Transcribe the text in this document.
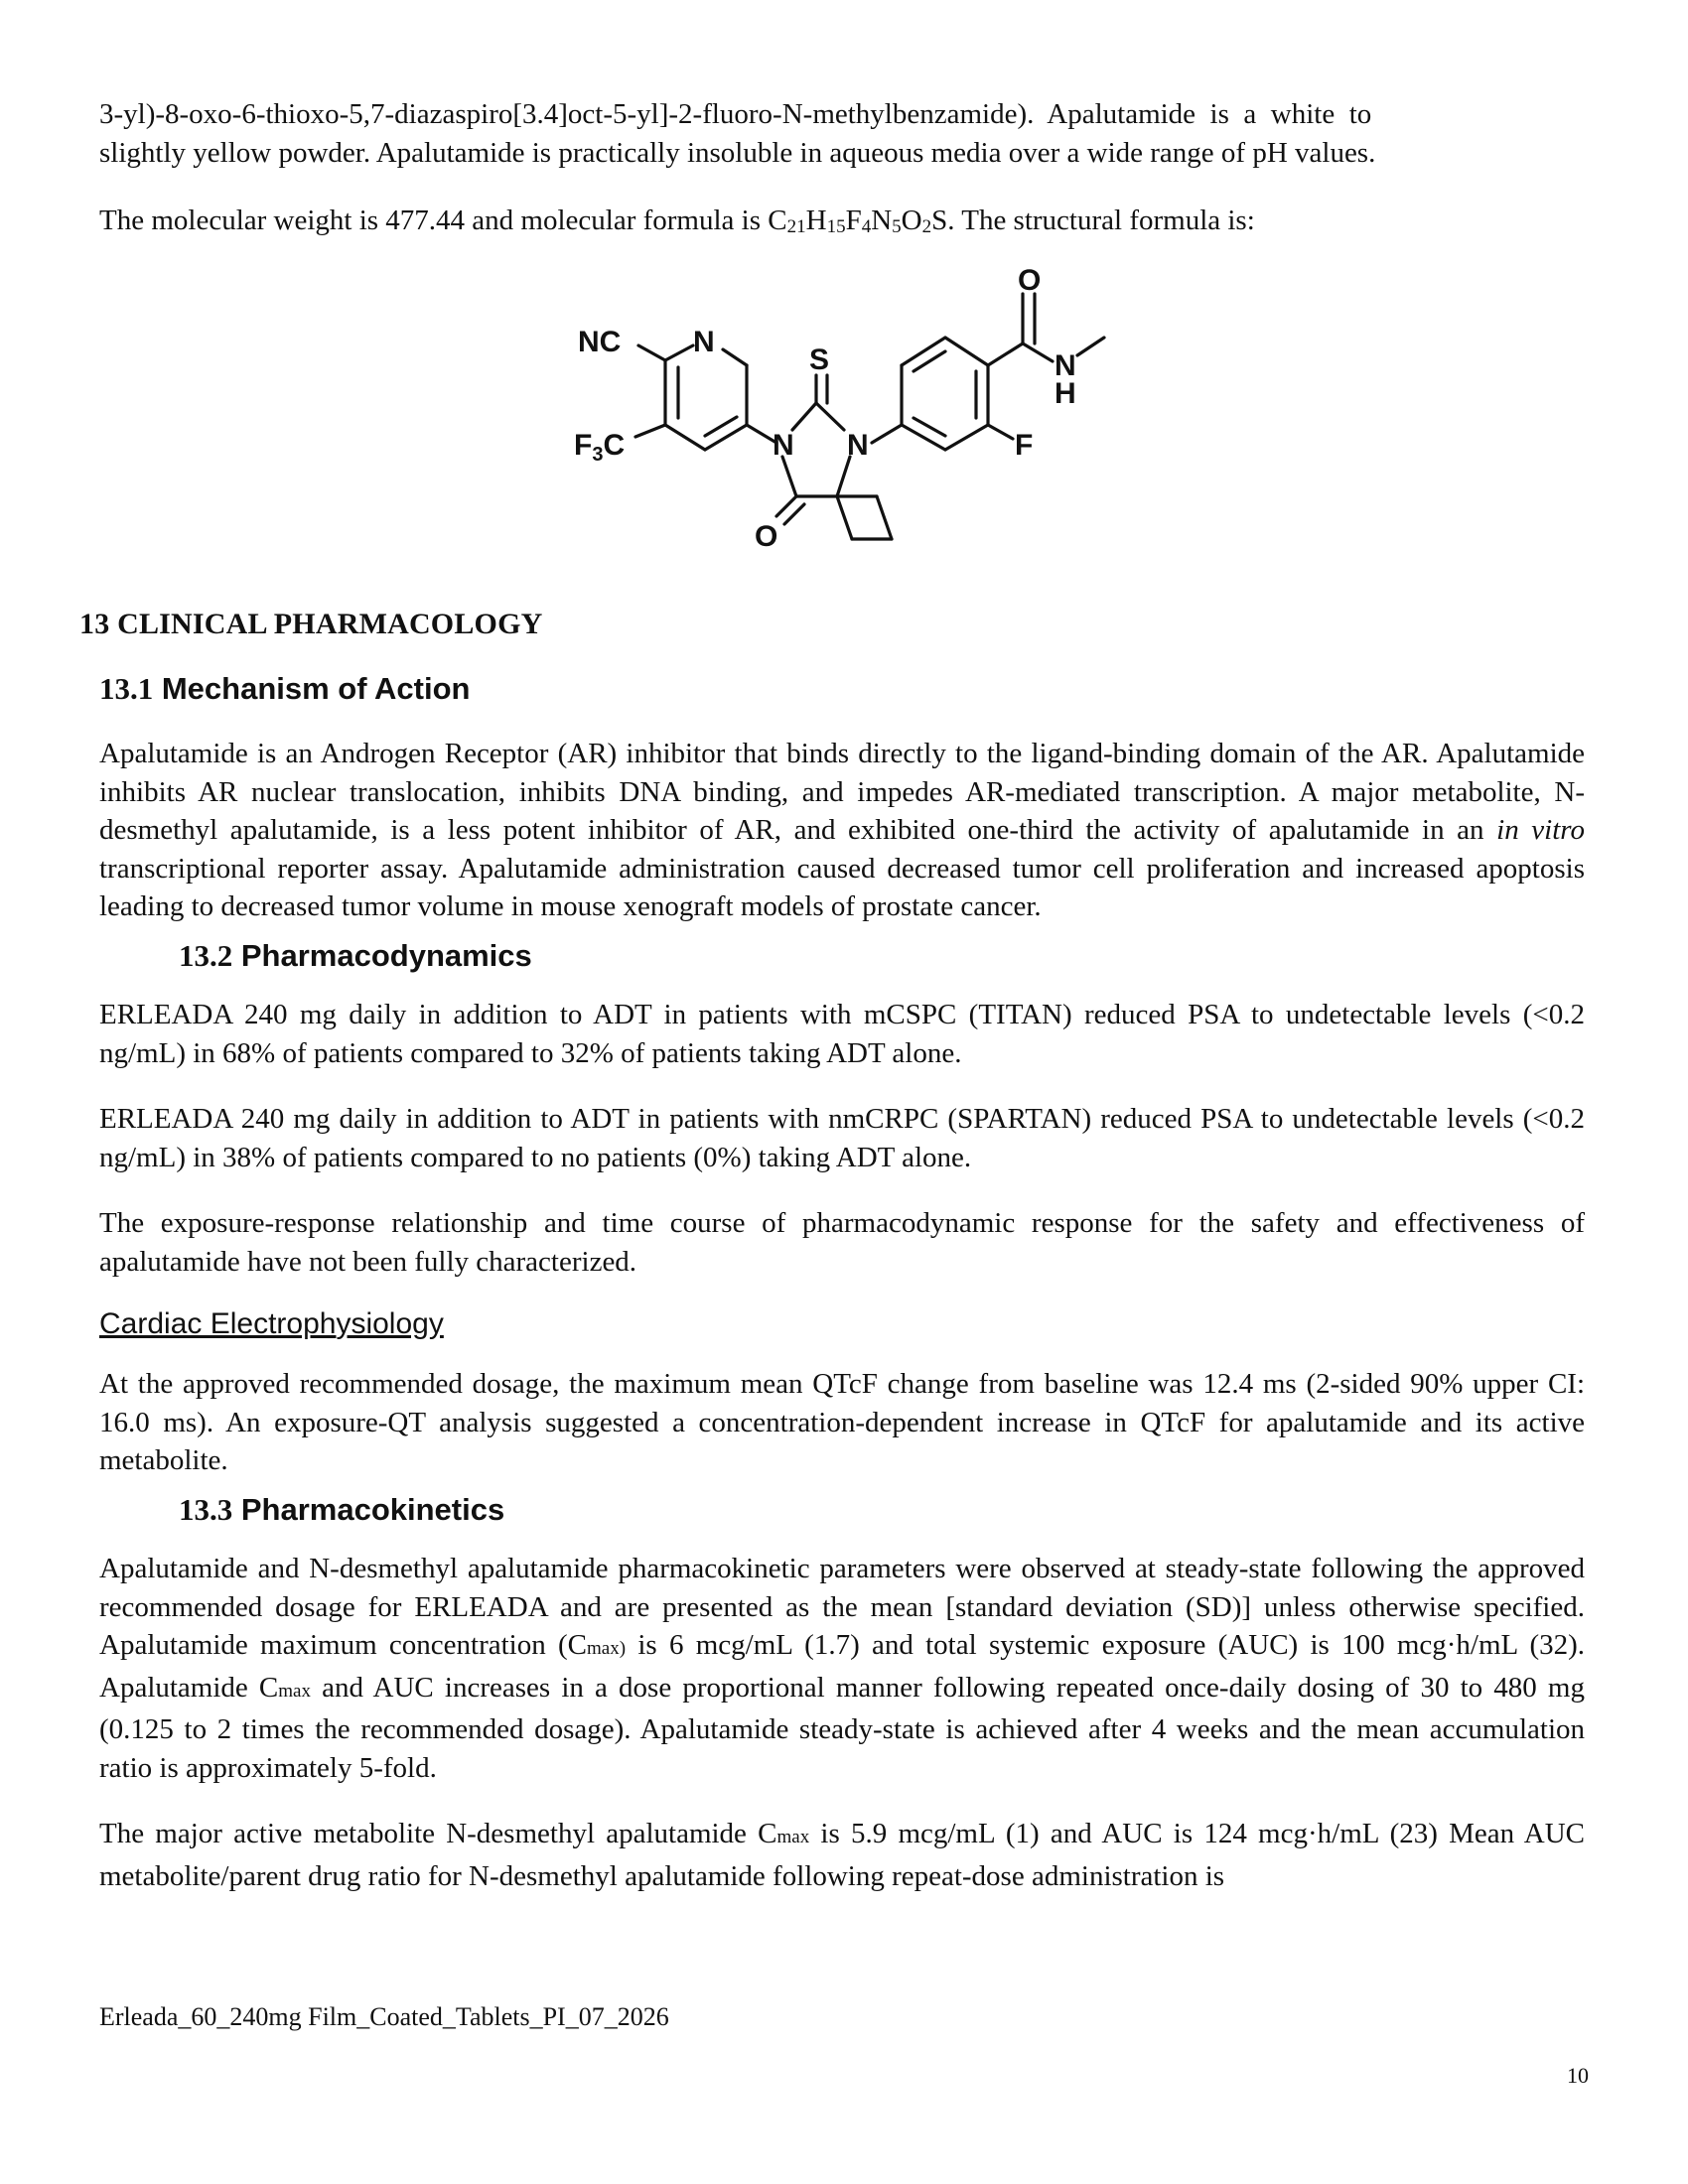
3-yl)-8-oxo-6-thioxo-5,7-diazaspiro[3.4]oct-5-yl]-2-fluoro-N-methylbenzamide).  Apalutamide  is  a  white  to
slightly yellow powder. Apalutamide is practically insoluble in aqueous media over a wide range of pH values.

The molecular weight is 477.44 and molecular formula is $C_{21}H_{15}F_4N_5O_2S$. The structural formula is:

NC N
$F_3C$
S
N N
O
O
N
H
F
13 CLINICAL PHARMACOLOGY
13.1 Mechanism of Action

Apalutamide is an Androgen Receptor (AR) inhibitor that binds directly to the ligand-binding domain of the AR. Apalutamide inhibits AR nuclear translocation, inhibits DNA binding, and impedes AR-mediated transcription. A major metabolite, N-desmethyl apalutamide, is a less potent inhibitor of AR, and exhibited one-third the activity of apalutamide in an in vitro transcriptional reporter assay. Apalutamide administration caused decreased tumor cell proliferation and increased apoptosis leading to decreased tumor volume in mouse xenograft models of prostate cancer.

13.2 Pharmacodynamics

ERLEADA 240 mg daily in addition to ADT in patients with mCSPC (TITAN) reduced PSA to undetectable levels (<0.2 ng/mL) in 68% of patients compared to 32% of patients taking ADT alone.

ERLEADA 240 mg daily in addition to ADT in patients with nmCRPC (SPARTAN) reduced PSA to undetectable levels (<0.2 ng/mL) in 38% of patients compared to no patients (0%) taking ADT alone.

The exposure-response relationship and time course of pharmacodynamic response for the safety and effectiveness of apalutamide have not been fully characterized.

Cardiac Electrophysiology

At the approved recommended dosage, the maximum mean QTcF change from baseline was 12.4 ms (2-sided 90% upper CI: 16.0 ms). An exposure-QT analysis suggested a concentration-dependent increase in QTcF for apalutamide and its active metabolite.

13.3 Pharmacokinetics

Apalutamide and N-desmethyl apalutamide pharmacokinetic parameters were observed at steady-state following the approved recommended dosage for ERLEADA and are presented as the mean [standard deviation (SD)] unless otherwise specified. Apalutamide maximum concentration (Cmax) is 6 mcg/mL (1.7) and total systemic exposure (AUC) is 100 mcg·h/mL (32). Apalutamide Cmax and AUC increases in a dose proportional manner following repeated once-daily dosing of 30 to 480 mg (0.125 to 2 times the recommended dosage). Apalutamide steady-state is achieved after 4 weeks and the mean accumulation ratio is approximately 5-fold.

The major active metabolite N-desmethyl apalutamide Cmax is 5.9 mcg/mL (1) and AUC is 124 mcg·h/mL (23) Mean AUC metabolite/parent drug ratio for N-desmethyl apalutamide following repeat-dose administration is

Erleada_60_240mg Film_Coated_Tablets_PI_07_2026
10
